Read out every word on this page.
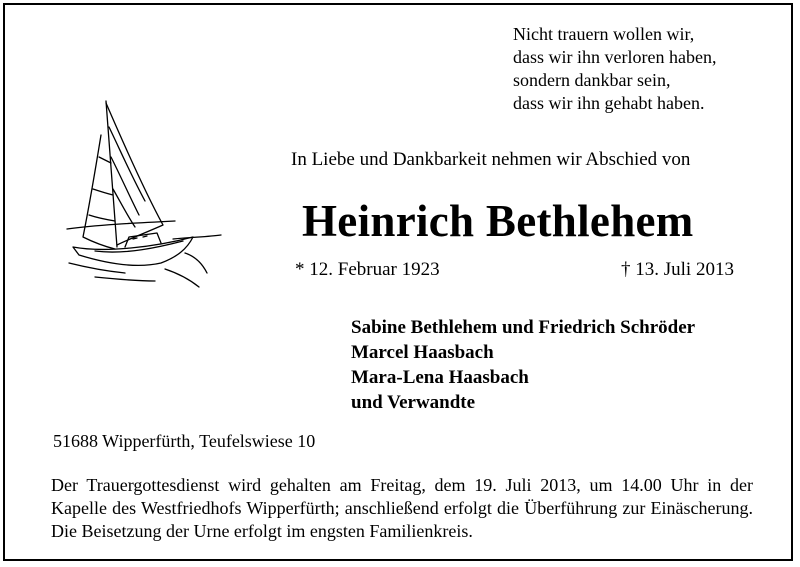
Nicht trauern wollen wir,
dass wir ihn verloren haben,
sondern dankbar sein,
dass wir ihn gehabt haben.
In Liebe und Dankbarkeit nehmen wir Abschied von
Heinrich Bethlehem
* 12. Februar 1923	† 13. Juli 2013
Sabine Bethlehem und Friedrich Schröder
Marcel Haasbach
Mara-Lena Haasbach
und Verwandte
51688 Wipperfürth, Teufelswiese 10
Der Trauergottesdienst wird gehalten am Freitag, dem 19. Juli 2013, um 14.00 Uhr in der Kapelle des Westfriedhofs Wipperfürth; anschließend erfolgt die Überführung zur Einäscherung. Die Beisetzung der Urne erfolgt im engsten Familienkreis.
